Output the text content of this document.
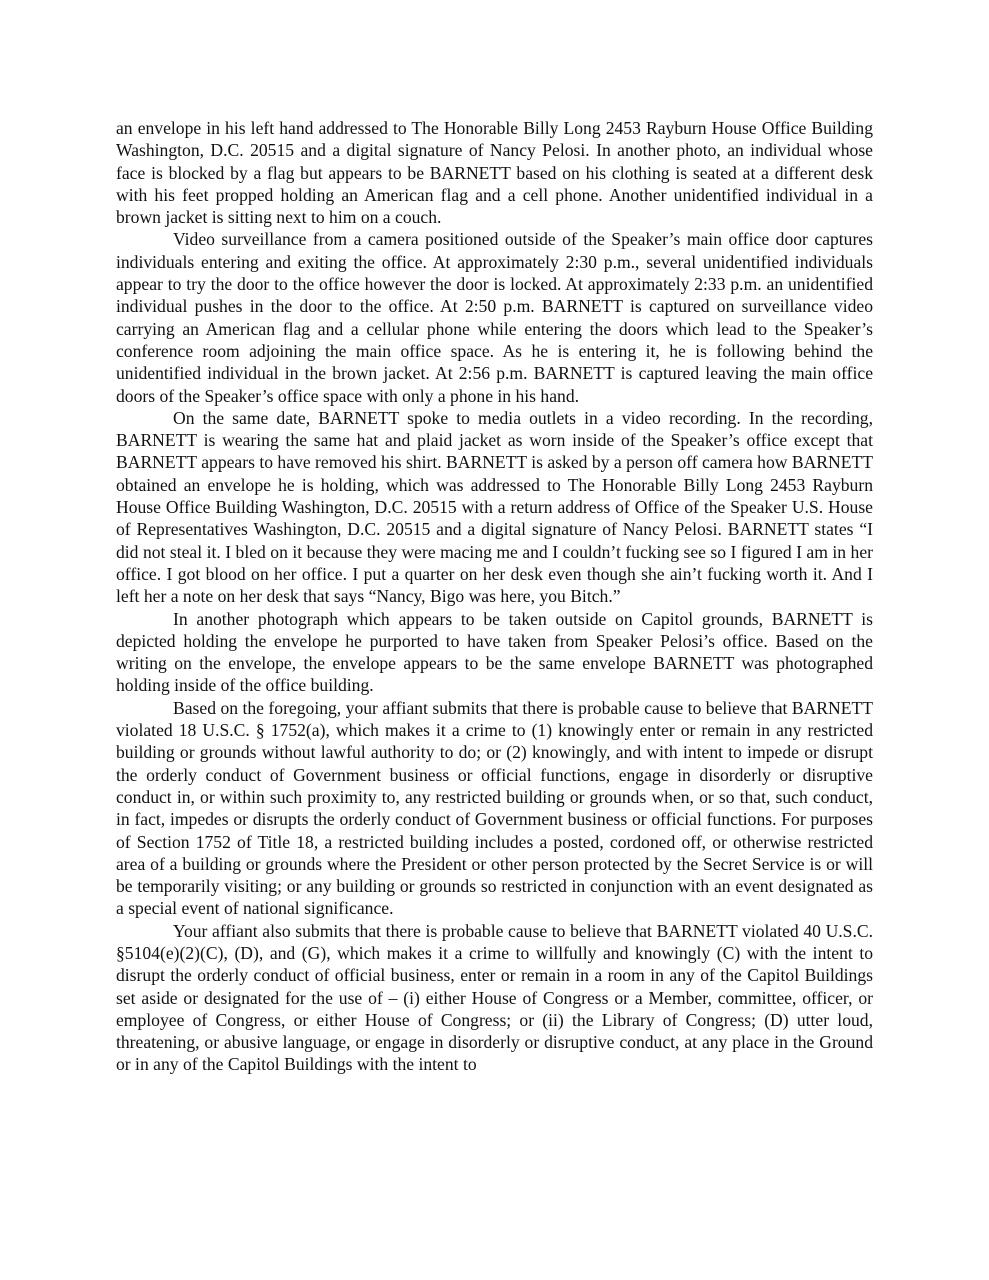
an envelope in his left hand addressed to The Honorable Billy Long 2453 Rayburn House Office Building Washington, D.C. 20515 and a digital signature of Nancy Pelosi. In another photo, an individual whose face is blocked by a flag but appears to be BARNETT based on his clothing is seated at a different desk with his feet propped holding an American flag and a cell phone. Another unidentified individual in a brown jacket is sitting next to him on a couch.

Video surveillance from a camera positioned outside of the Speaker’s main office door captures individuals entering and exiting the office. At approximately 2:30 p.m., several unidentified individuals appear to try the door to the office however the door is locked. At approximately 2:33 p.m. an unidentified individual pushes in the door to the office. At 2:50 p.m. BARNETT is captured on surveillance video carrying an American flag and a cellular phone while entering the doors which lead to the Speaker’s conference room adjoining the main office space. As he is entering it, he is following behind the unidentified individual in the brown jacket. At 2:56 p.m. BARNETT is captured leaving the main office doors of the Speaker’s office space with only a phone in his hand.

On the same date, BARNETT spoke to media outlets in a video recording. In the recording, BARNETT is wearing the same hat and plaid jacket as worn inside of the Speaker’s office except that BARNETT appears to have removed his shirt. BARNETT is asked by a person off camera how BARNETT obtained an envelope he is holding, which was addressed to The Honorable Billy Long 2453 Rayburn House Office Building Washington, D.C. 20515 with a return address of Office of the Speaker U.S. House of Representatives Washington, D.C. 20515 and a digital signature of Nancy Pelosi. BARNETT states “I did not steal it. I bled on it because they were macing me and I couldn’t fucking see so I figured I am in her office. I got blood on her office. I put a quarter on her desk even though she ain’t fucking worth it. And I left her a note on her desk that says “Nancy, Bigo was here, you Bitch.”

In another photograph which appears to be taken outside on Capitol grounds, BARNETT is depicted holding the envelope he purported to have taken from Speaker Pelosi’s office. Based on the writing on the envelope, the envelope appears to be the same envelope BARNETT was photographed holding inside of the office building.

Based on the foregoing, your affiant submits that there is probable cause to believe that BARNETT violated 18 U.S.C. § 1752(a), which makes it a crime to (1) knowingly enter or remain in any restricted building or grounds without lawful authority to do; or (2) knowingly, and with intent to impede or disrupt the orderly conduct of Government business or official functions, engage in disorderly or disruptive conduct in, or within such proximity to, any restricted building or grounds when, or so that, such conduct, in fact, impedes or disrupts the orderly conduct of Government business or official functions. For purposes of Section 1752 of Title 18, a restricted building includes a posted, cordoned off, or otherwise restricted area of a building or grounds where the President or other person protected by the Secret Service is or will be temporarily visiting; or any building or grounds so restricted in conjunction with an event designated as a special event of national significance.

Your affiant also submits that there is probable cause to believe that BARNETT violated 40 U.S.C. §5104(e)(2)(C), (D), and (G), which makes it a crime to willfully and knowingly (C) with the intent to disrupt the orderly conduct of official business, enter or remain in a room in any of the Capitol Buildings set aside or designated for the use of – (i) either House of Congress or a Member, committee, officer, or employee of Congress, or either House of Congress; or (ii) the Library of Congress; (D) utter loud, threatening, or abusive language, or engage in disorderly or disruptive conduct, at any place in the Ground or in any of the Capitol Buildings with the intent to
